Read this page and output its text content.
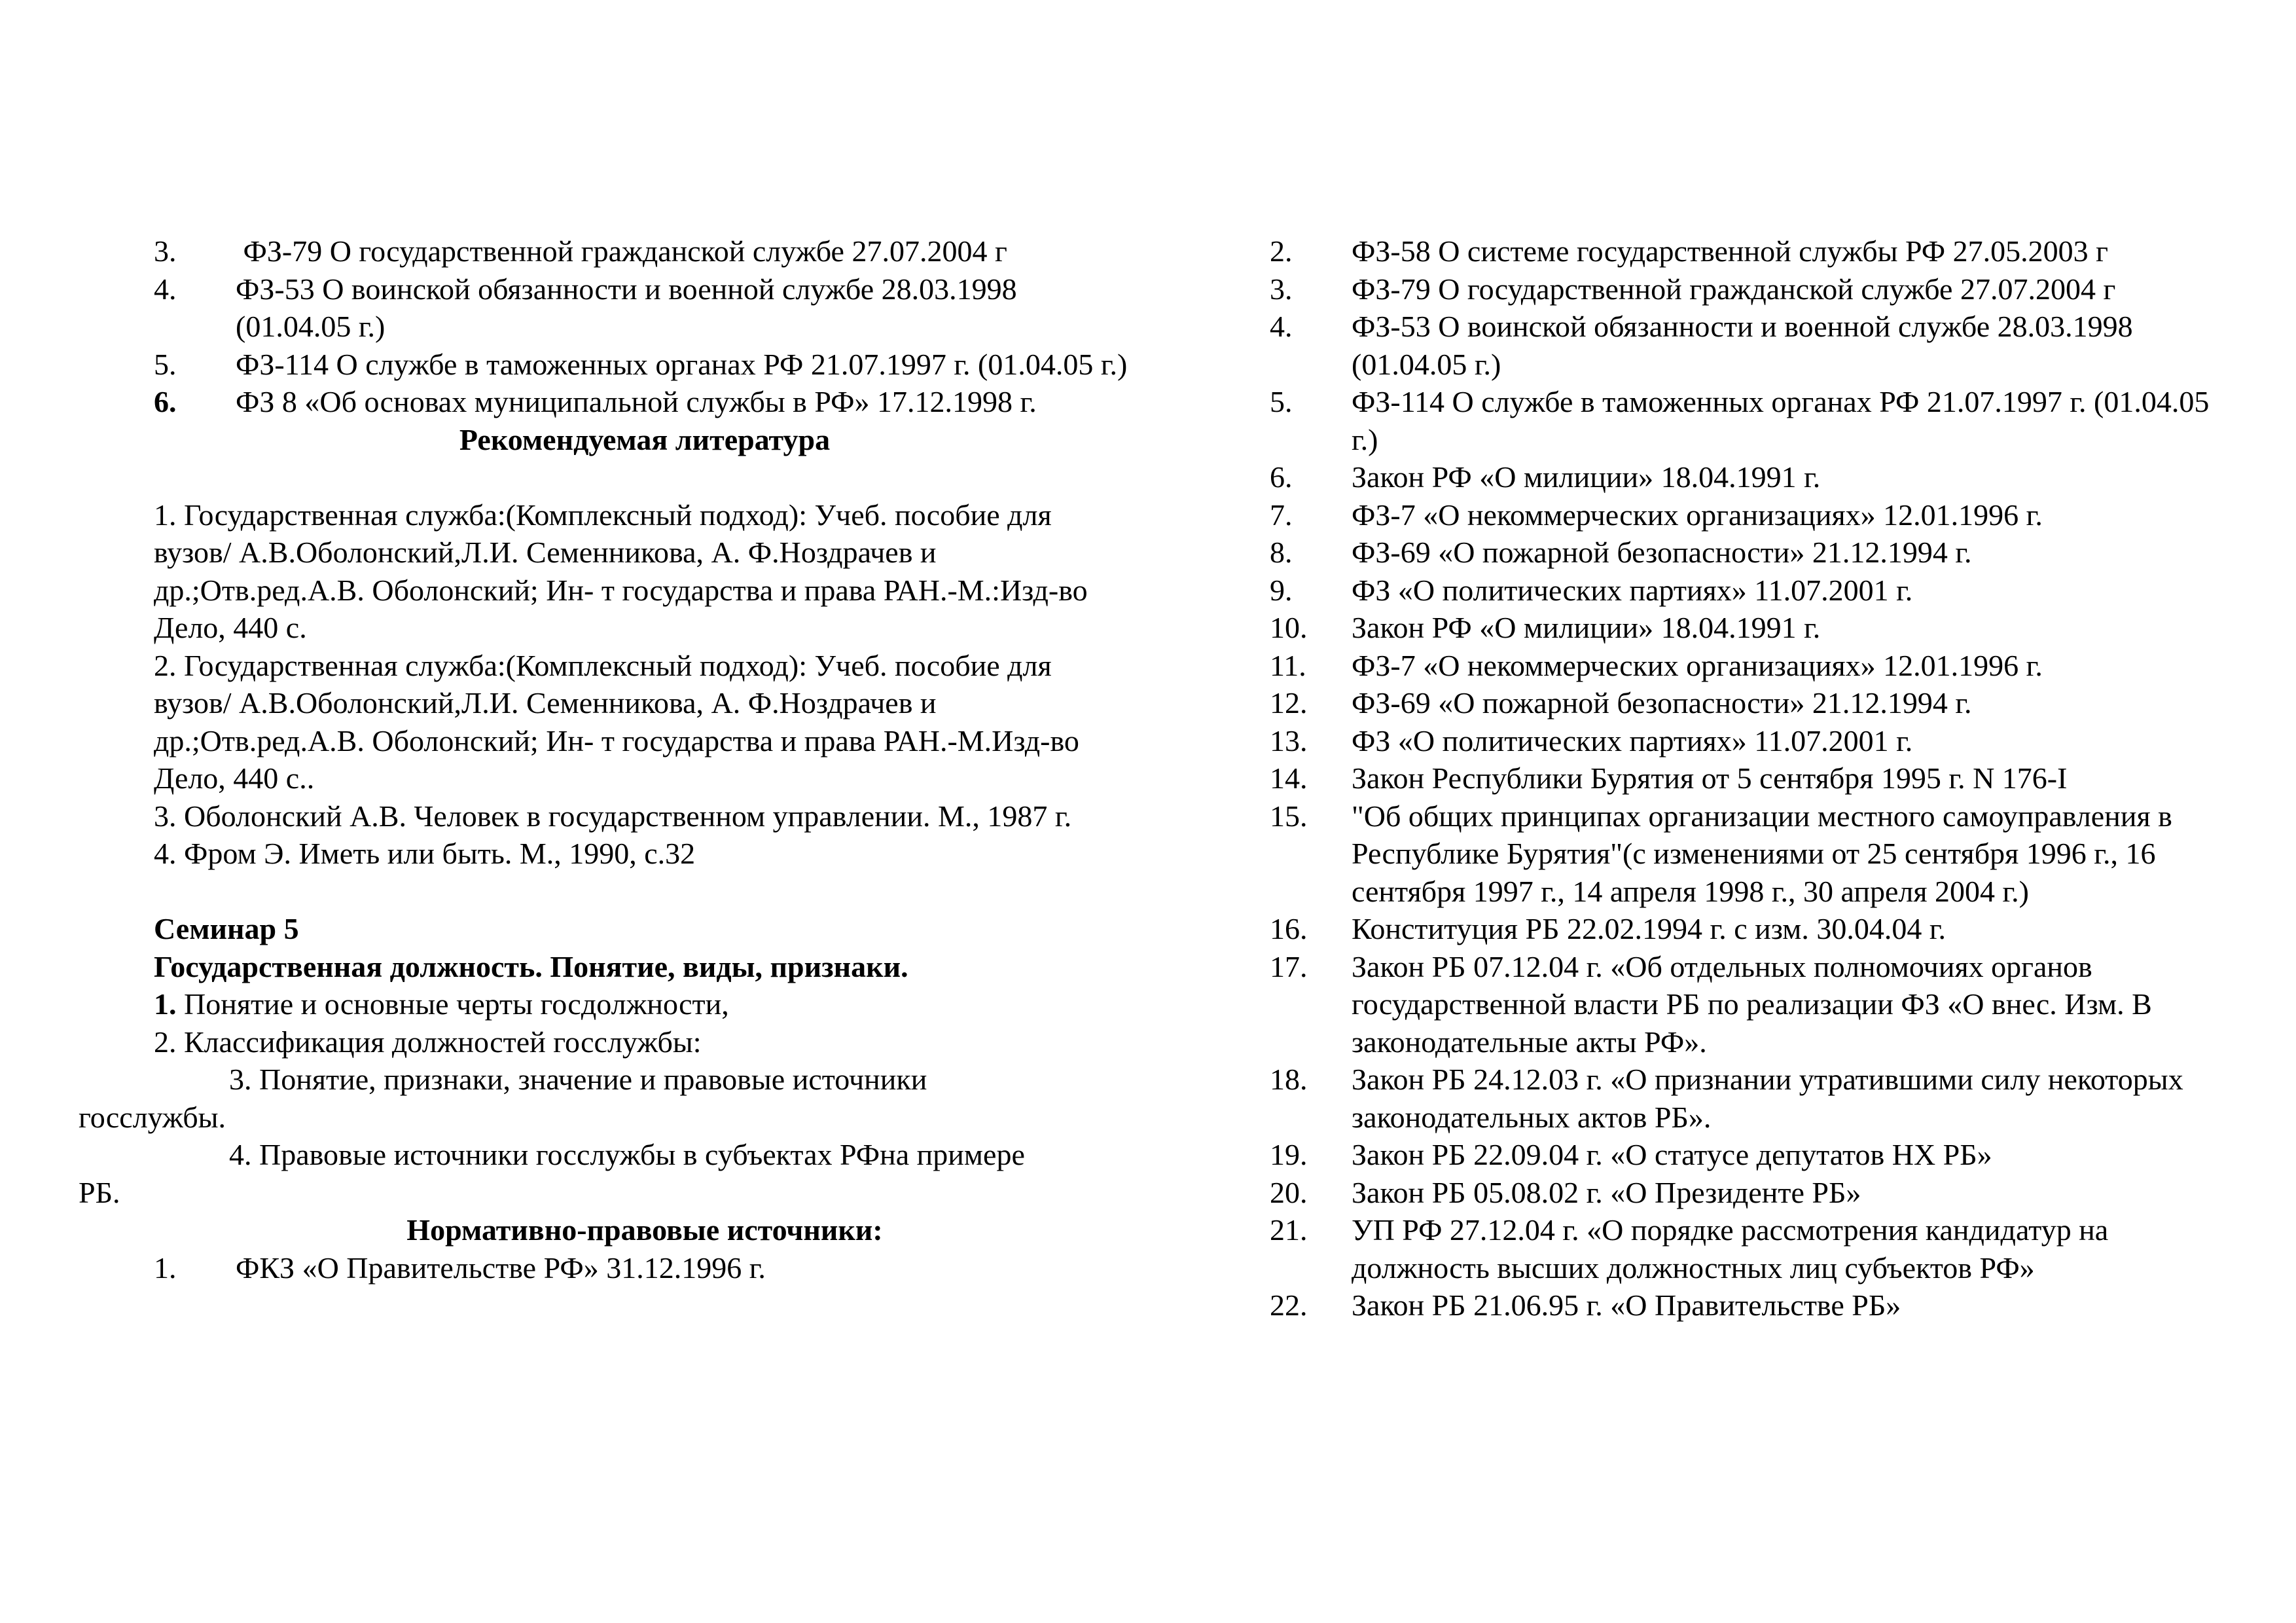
3.	ФЗ-79 О государственной гражданской службе 27.07.2004 г
4.	ФЗ-53 О воинской обязанности и военной службе 28.03.1998 (01.04.05 г.)
5.	ФЗ-114 О службе в таможенных органах РФ 21.07.1997 г. (01.04.05 г.)
6.	ФЗ 8 «Об основах муниципальной службы в РФ» 17.12.1998 г.
Рекомендуемая литература
1. Государственная служба:(Комплексный подход): Учеб. пособие для вузов/ А.В.Оболонский,Л.И. Семенникова, А. Ф.Ноздрачев и др.;Отв.ред.А.В. Оболонский; Ин- т государства и права РАН.-М.:Изд-во Дело, 440 с.
2. Государственная служба:(Комплексный подход): Учеб. пособие для вузов/ А.В.Оболонский,Л.И. Семенникова, А. Ф.Ноздрачев и др.;Отв.ред.А.В. Оболонский; Ин- т государства и права РАН.-М.Изд-во Дело, 440 с..
3. Оболонский А.В. Человек в государственном управлении. М., 1987 г.
4. Фром Э. Иметь или быть. М., 1990, с.32
Семинар 5
Государственная должность. Понятие, виды, признаки.
1. Понятие и основные черты госдолжности,
2. Классификация должностей госслужбы:
3. Понятие, признаки, значение и правовые источники
госслужбы.
4. Правовые источники госслужбы в субъектах РФна примере
РБ.
Нормативно-правовые источники:
1.	ФКЗ «О Правительстве РФ» 31.12.1996 г.
2.	ФЗ-58 О системе государственной службы РФ 27.05.2003 г
3.	ФЗ-79 О государственной гражданской службе 27.07.2004 г
4.	ФЗ-53 О воинской обязанности и военной службе 28.03.1998 (01.04.05 г.)
5.	ФЗ-114 О службе в таможенных органах РФ 21.07.1997 г. (01.04.05 г.)
6.	Закон РФ «О милиции» 18.04.1991 г.
7.	ФЗ-7 «О некоммерческих организациях» 12.01.1996 г.
8.	ФЗ-69 «О пожарной безопасности» 21.12.1994 г.
9.	ФЗ «О политических партиях» 11.07.2001 г.
10.	Закон РФ «О милиции» 18.04.1991 г.
11.	ФЗ-7 «О некоммерческих организациях» 12.01.1996 г.
12.	ФЗ-69 «О пожарной безопасности» 21.12.1994 г.
13.	ФЗ «О политических партиях» 11.07.2001 г.
14.	Закон Республики Бурятия от 5 сентября 1995 г. N 176-I
15.	"Об общих принципах организации местного самоуправления в Республике Бурятия"(с изменениями от 25 сентября 1996 г., 16 сентября 1997 г., 14 апреля 1998 г., 30 апреля 2004 г.)
16.	Конституция РБ 22.02.1994 г. с изм. 30.04.04 г.
17.	Закон РБ 07.12.04 г. «Об отдельных полномочиях органов государственной власти РБ по реализации ФЗ «О внес. Изм. В законодательные акты РФ».
18.	Закон РБ 24.12.03 г. «О признании утратившими силу некоторых законодательных актов РБ».
19.	Закон РБ 22.09.04 г. «О статусе депутатов НХ РБ»
20.	Закон РБ 05.08.02 г. «О Президенте РБ»
21.	УП РФ 27.12.04 г. «О порядке рассмотрения кандидатур на должность высших должностных лиц субъектов РФ»
22.	Закон РБ 21.06.95 г. «О Правительстве РБ»
